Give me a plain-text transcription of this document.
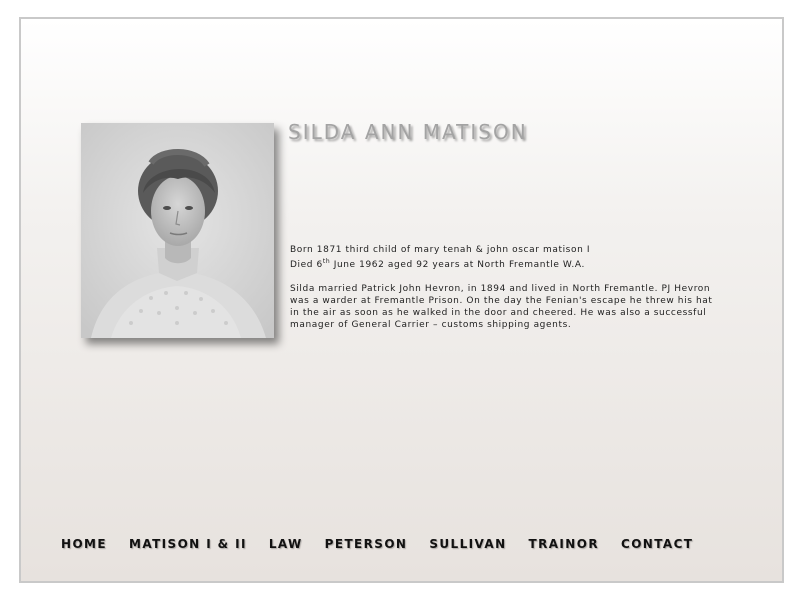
SILDA ANN MATISON

Born 1871 third child of mary tenah & john oscar matison I
Died 6th June 1962 aged 92 years at North Fremantle W.A.

Silda married Patrick John Hevron, in 1894 and lived in North Fremantle. PJ Hevron was a warder at Fremantle Prison. On the day the Fenian's escape he threw his hat in the air as soon as he walked in the door and cheered. He was also a successful manager of General Carrier – customs shipping agents.

HOME MATISON I & II LAW PETERSON SULLIVAN TRAINOR CONTACT
